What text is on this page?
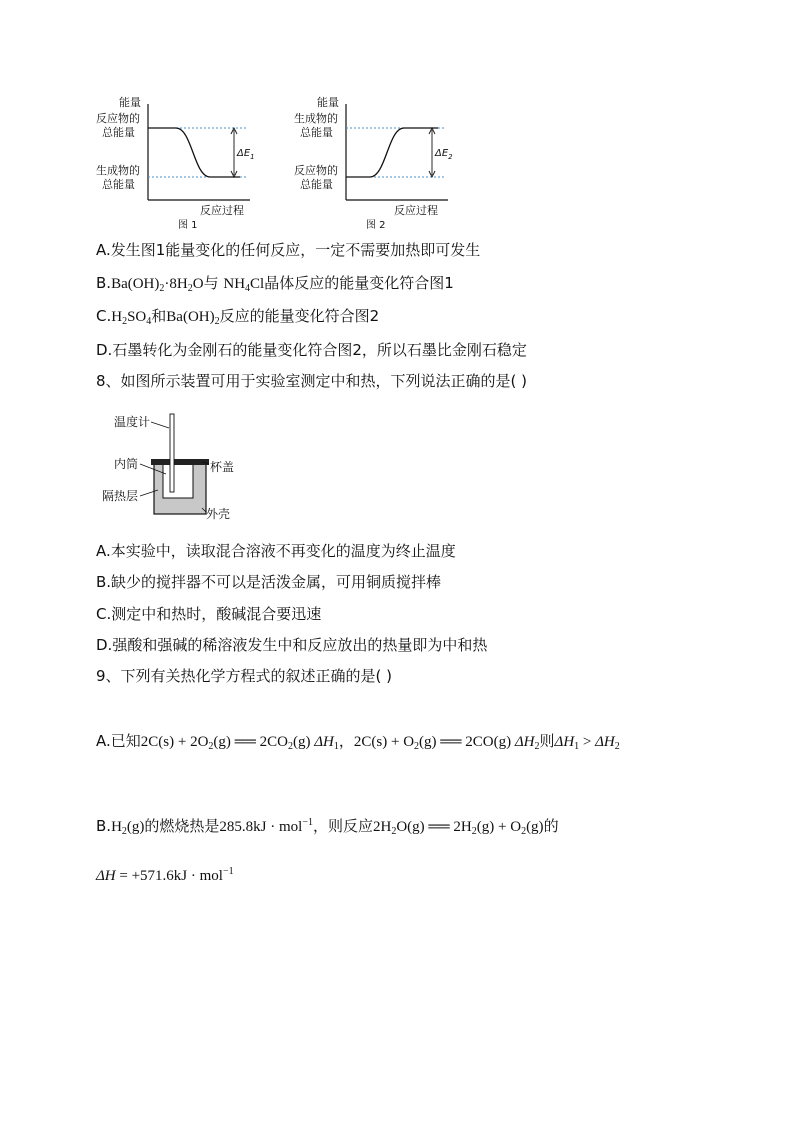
能量
反应物的
总能量
生成物的
总能量
$\Delta E_1$
反应过程
图 1
能量
生成物的
总能量
反应物的
总能量
$\Delta E_2$
反应过程
图 2
A.发生图1能量变化的任何反应，一定不需要加热即可发生
$B.Ba(OH)_2\cdot 8H_2O$与 $NH_4Cl$晶体反应的能量变化符合图1
$C.H_2SO_4$和$Ba(OH)_2$反应的能量变化符合图2
D.石墨转化为金刚石的能量变化符合图2，所以石墨比金刚石稳定
8、如图所示装置可用于实验室测定中和热，下列说法正确的是( )
温度计
内筒	杯盖
隔热层
外壳
A.本实验中，读取混合溶液不再变化的温度为终止温度
B.缺少的搅拌器不可以是活泼金属，可用铜质搅拌棒
C.测定中和热时，酸碱混合要迅速
D.强酸和强碱的稀溶液发生中和反应放出的热量即为中和热
9、下列有关热化学方程式的叙述正确的是( )
A.已知$2C(s) + 2O_2(g)$ ══ $2CO_2(g)$ $\Delta H_1$，$2C(s) + O_2(g)$ ══ 2CO(g) $\Delta H_2$则$\Delta H_1 > \Delta H_2$
$B.H_2(g)$的燃烧热是285.8kJ · mol$^{-1}$，则反应$2H_2O(g)$ ══ $2H_2(g) + O_2(g)$的
ΔH = +571.6kJ · mol$^{-1}$
